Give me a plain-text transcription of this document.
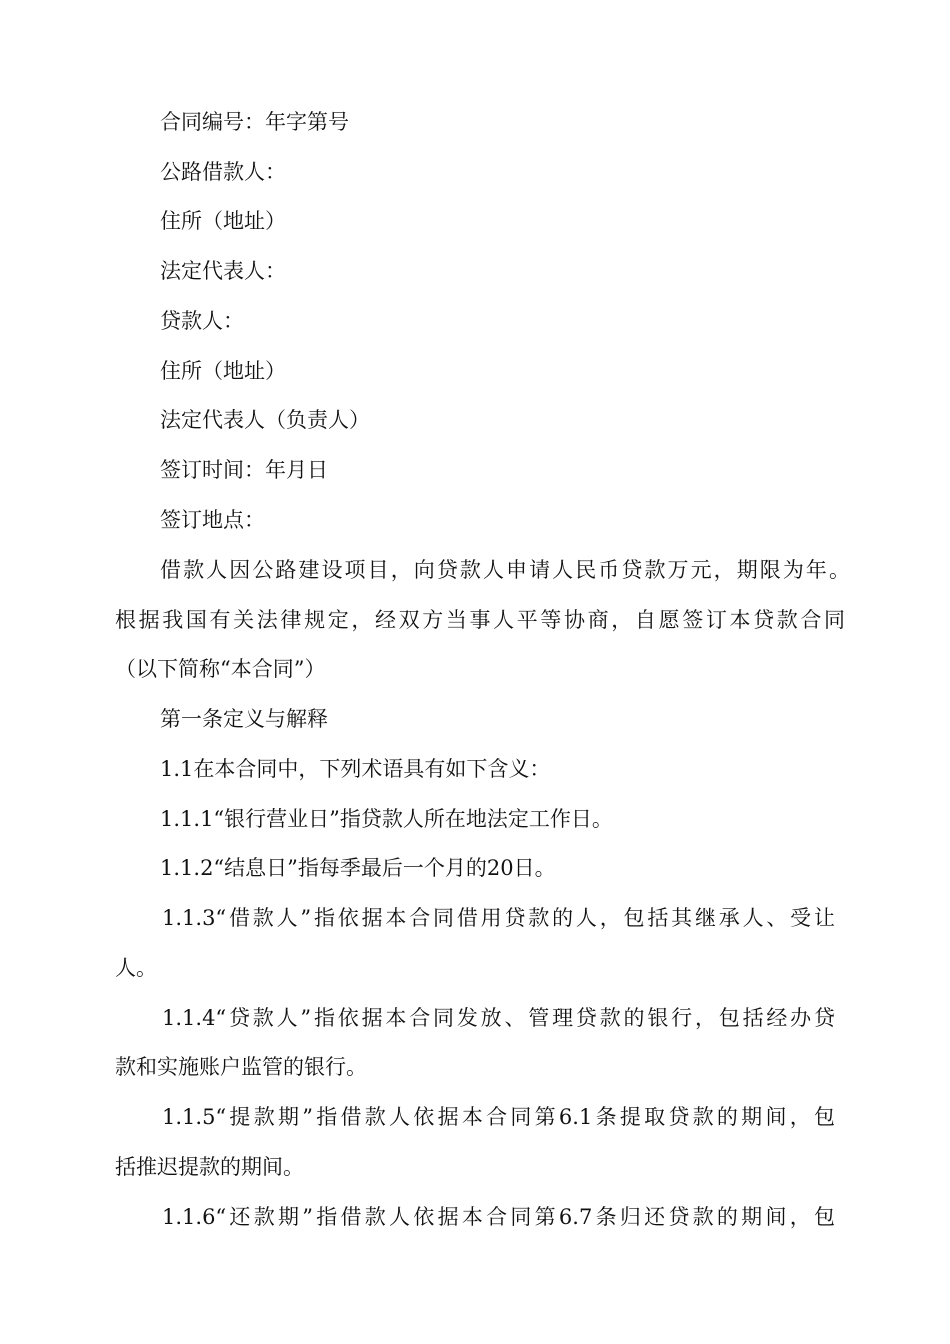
合同编号：年字第号
公路借款人：
住所（地址）
法定代表人：
贷款人：
住所（地址）
法定代表人（负责人）
签订时间：年月日
签订地点：
借款人因公路建设项目，向贷款人申请人民币贷款万元，期限为年。
根据我国有关法律规定，经双方当事人平等协商，自愿签订本贷款合同
（以下简称“本合同”）
第一条定义与解释
1.1在本合同中，下列术语具有如下含义：
1.1.1“银行营业日”指贷款人所在地法定工作日。
1.1.2“结息日”指每季最后一个月的20日。
1.1.3“借款人”指依据本合同借用贷款的人，包括其继承人、受让
人。
1.1.4“贷款人”指依据本合同发放、管理贷款的银行，包括经办贷
款和实施账户监管的银行。
1.1.5“提款期”指借款人依据本合同第6.1条提取贷款的期间，包
括推迟提款的期间。
1.1.6“还款期”指借款人依据本合同第6.7条归还贷款的期间，包
